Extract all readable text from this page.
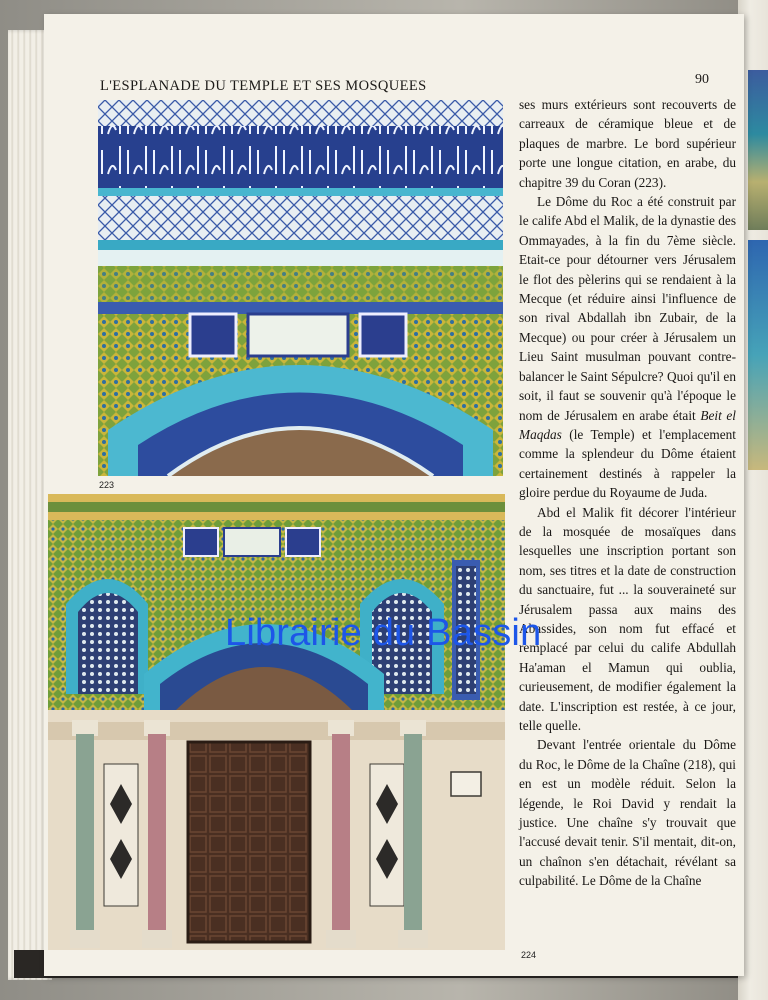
L'ESPLANADE DU TEMPLE ET SES MOSQUEES	90
223
224

ses murs extérieurs sont recouverts de carreaux de céramique bleue et de plaques de marbre. Le bord supérieur porte une longue citation, en arabe, du chapitre 39 du Coran (223).

Le Dôme du Roc a été construit par le calife Abd el Malik, de la dynastie des Ommayades, à la fin du 7ème siècle. Etait-ce pour détourner vers Jérusalem le flot des pèlerins qui se rendaient à la Mecque (et réduire ainsi l'influence de son rival Abdallah ibn Zubair, de la Mecque) ou pour créer à Jérusalem un Lieu Saint musulman pouvant contre-balancer le Saint Sépulcre? Quoi qu'il en soit, il faut se souvenir qu'à l'époque le nom de Jérusalem en arabe était Beit el Maqdas (le Temple) et l'emplacement comme la splendeur du Dôme étaient certainement destinés à rappeler la gloire perdue du Royaume de Juda.

Abd el Malik fit décorer l'intérieur de la mosquée de mosaïques dans lesquelles une inscription portant son nom, ses titres et la date de construction du sanctuaire, fut ... la souveraineté sur Jérusalem passa aux mains des Abassides, son nom fut effacé et remplacé par celui du calife Abdullah Ha'aman el Mamun qui oublia, curieusement, de modifier également la date. L'inscription est restée, à ce jour, telle quelle.

Devant l'entrée orientale du Dôme du Roc, le Dôme de la Chaîne (218), qui en est un modèle réduit. Selon la légende, le Roi David y rendait la justice. Une chaîne s'y trouvait que l'accusé devait tenir. S'il mentait, dit-on, un chaînon s'en détachait, révélant sa culpabilité. Le Dôme de la Chaîne

Librairie du Bassin
